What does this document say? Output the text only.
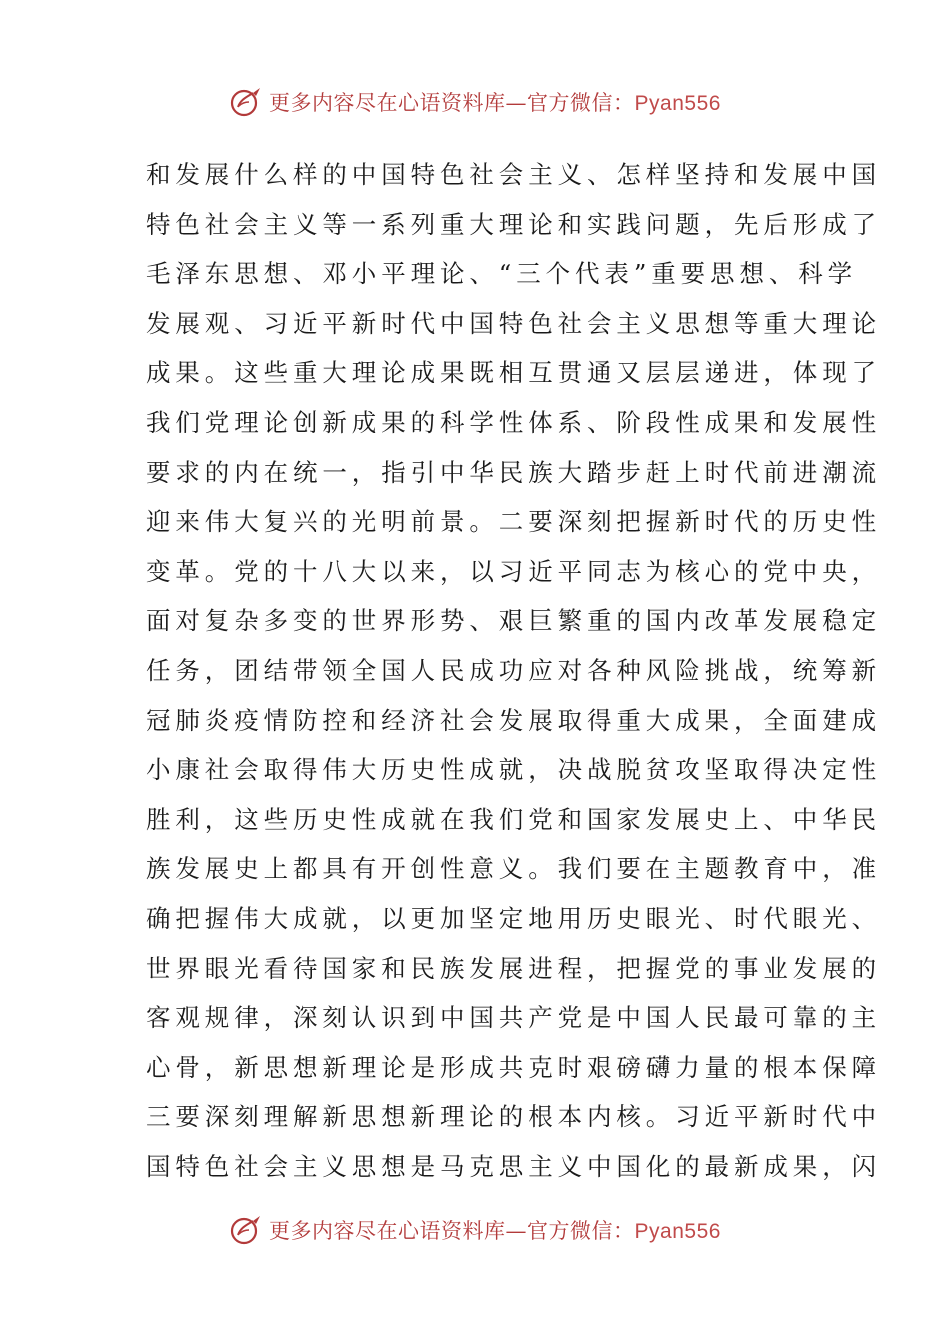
更多内容尽在心语资料库—官方微信：Pyan556
和发展什么样的中国特色社会主义、怎样坚持和发展中国
特色社会主义等一系列重大理论和实践问题，先后形成了
毛泽东思想、邓小平理论、“三个代表”重要思想、科学
发展观、习近平新时代中国特色社会主义思想等重大理论
成果。这些重大理论成果既相互贯通又层层递进，体现了
我们党理论创新成果的科学性体系、阶段性成果和发展性
要求的内在统一，指引中华民族大踏步赶上时代前进潮流
迎来伟大复兴的光明前景。二要深刻把握新时代的历史性
变革。党的十八大以来，以习近平同志为核心的党中央，
面对复杂多变的世界形势、艰巨繁重的国内改革发展稳定
任务，团结带领全国人民成功应对各种风险挑战，统筹新
冠肺炎疫情防控和经济社会发展取得重大成果，全面建成
小康社会取得伟大历史性成就，决战脱贫攻坚取得决定性
胜利，这些历史性成就在我们党和国家发展史上、中华民
族发展史上都具有开创性意义。我们要在主题教育中，准
确把握伟大成就，以更加坚定地用历史眼光、时代眼光、
世界眼光看待国家和民族发展进程，把握党的事业发展的
客观规律，深刻认识到中国共产党是中国人民最可靠的主
心骨，新思想新理论是形成共克时艰磅礴力量的根本保障
三要深刻理解新思想新理论的根本内核。习近平新时代中
国特色社会主义思想是马克思主义中国化的最新成果，闪
更多内容尽在心语资料库—官方微信：Pyan556
